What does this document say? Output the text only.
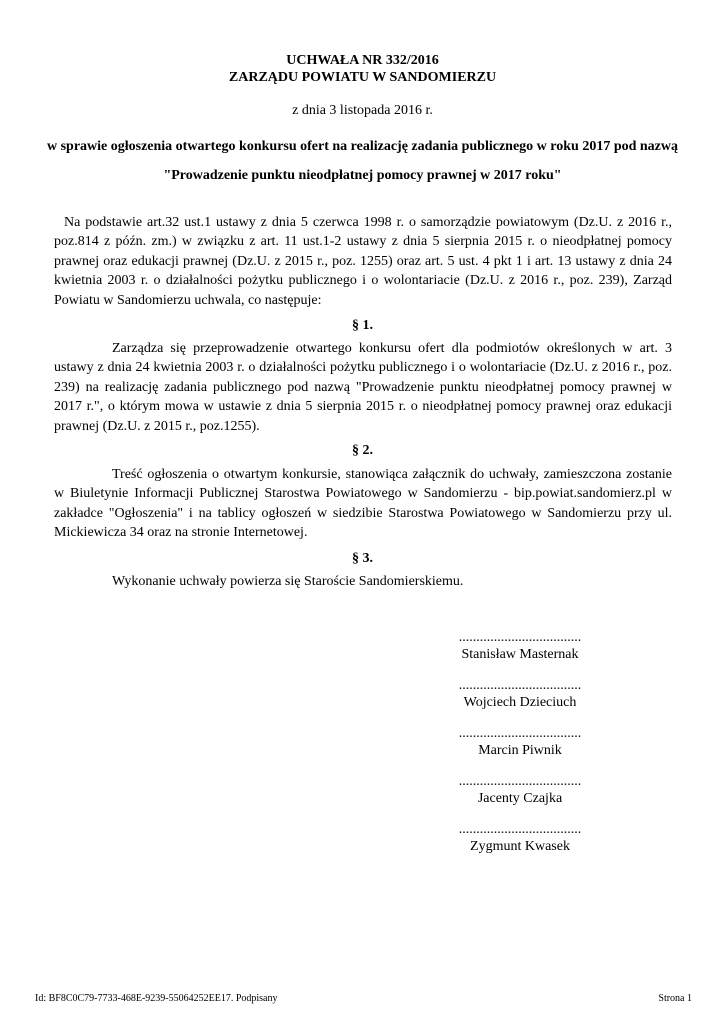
UCHWAŁA NR 332/2016
ZARZĄDU POWIATU W SANDOMIERZU
z dnia 3 listopada 2016 r.
w sprawie ogłoszenia otwartego konkursu ofert na realizację zadania publicznego w roku 2017 pod nazwą "Prowadzenie punktu nieodpłatnej pomocy prawnej w 2017 roku"
Na podstawie art.32 ust.1 ustawy z dnia 5 czerwca 1998 r. o samorządzie powiatowym (Dz.U. z 2016 r., poz.814 z późn. zm.) w związku z art. 11 ust.1-2 ustawy z dnia 5 sierpnia 2015 r. o nieodpłatnej pomocy prawnej oraz edukacji prawnej (Dz.U. z 2015 r., poz. 1255) oraz art. 5 ust. 4 pkt 1 i art. 13 ustawy z dnia 24 kwietnia 2003 r. o działalności pożytku publicznego i o wolontariacie (Dz.U. z 2016 r., poz. 239), Zarząd Powiatu w Sandomierzu uchwala, co następuje:
§ 1.
Zarządza się przeprowadzenie otwartego konkursu ofert dla podmiotów określonych w art. 3 ustawy z dnia 24 kwietnia 2003 r. o działalności pożytku publicznego i o wolontariacie (Dz.U. z 2016 r., poz. 239) na realizację zadania publicznego pod nazwą "Prowadzenie punktu nieodpłatnej pomocy prawnej w 2017 r.", o którym mowa w ustawie z dnia 5 sierpnia 2015 r. o nieodpłatnej pomocy prawnej oraz edukacji prawnej (Dz.U. z 2015 r., poz.1255).
§ 2.
Treść ogłoszenia o otwartym konkursie, stanowiąca załącznik do uchwały, zamieszczona zostanie w Biuletynie Informacji Publicznej Starostwa Powiatowego w Sandomierzu - bip.powiat.sandomierz.pl w zakładce "Ogłoszenia" i na tablicy ogłoszeń w siedzibie Starostwa Powiatowego w Sandomierzu przy ul. Mickiewicza 34 oraz na stronie Internetowej.
§ 3.
Wykonanie uchwały powierza się Staroście Sandomierskiemu.
...................................
Stanisław Masternak
...................................
Wojciech Dzieciuch
...................................
Marcin Piwnik
...................................
Jacenty Czajka
...................................
Zygmunt Kwasek
Id: BF8C0C79-7733-468E-9239-55064252EE17. Podpisany	Strona 1
